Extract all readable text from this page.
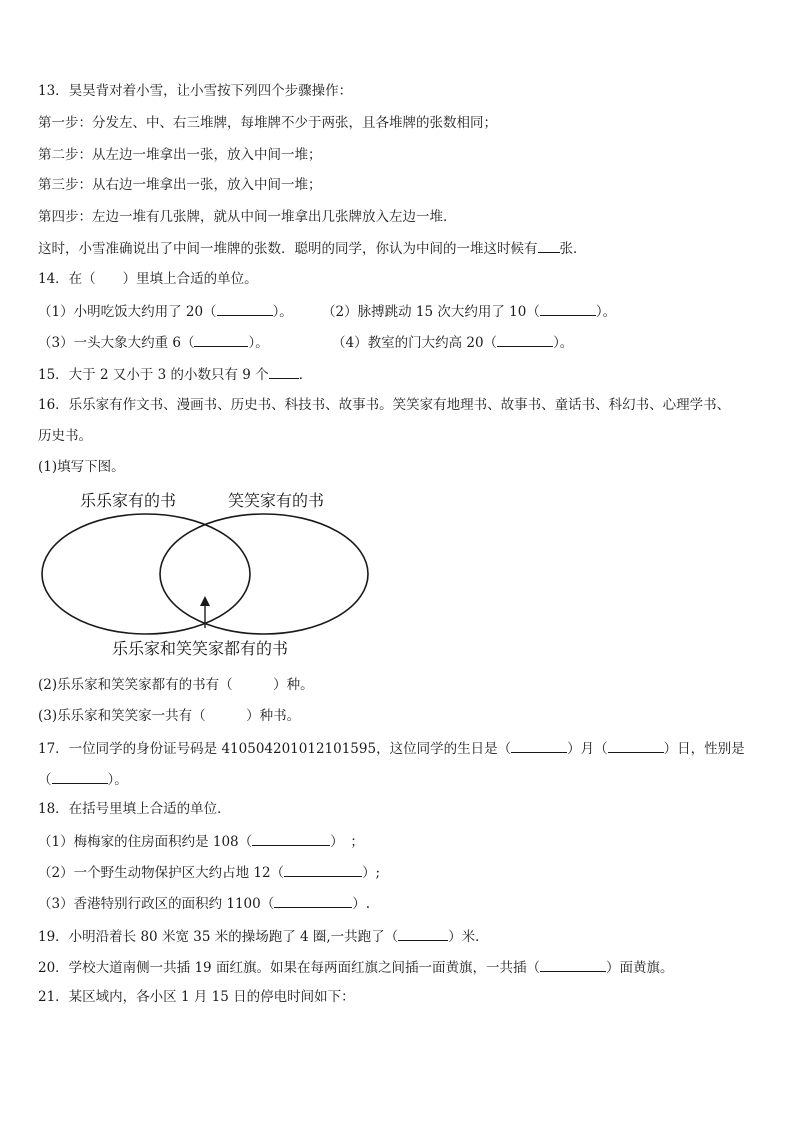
13．昊昊背对着小雪，让小雪按下列四个步骤操作：
第一步：分发左、中、右三堆牌，每堆牌不少于两张，且各堆牌的张数相同；
第二步：从左边一堆拿出一张，放入中间一堆；
第三步：从右边一堆拿出一张，放入中间一堆；
第四步：左边一堆有几张牌，就从中间一堆拿出几张牌放入左边一堆．
这时，小雪准确说出了中间一堆牌的张数．聪明的同学，你认为中间的一堆这时候有 张．
14．在（　　）里填上合适的单位。
（1）小明吃饭大约用了 20（	）。 （2）脉搏跳动 15 次大约用了 10（	）。
（3）一头大象大约重 6（	）。	（4）教室的门大约高 20（	）。
15．大于 2 又小于 3 的小数只有 9 个 ．
16．乐乐家有作文书、漫画书、历史书、科技书、故事书。笑笑家有地理书、故事书、童话书、科幻书、心理学书、
历史书。
(1)填写下图。
乐乐家有的书	笑笑家有的书
乐乐家和笑笑家都有的书
(2)乐乐家和笑笑家都有的书有（　　　）种。
(3)乐乐家和笑笑家一共有（　　　）种书。
17．一位同学的身份证号码是 410504201012101595，这位同学的生日是（	）月（	）日，性别是
（	）。
18．在括号里填上合适的单位．
（1）梅梅家的住房面积约是 108（	）　；
（2）一个野生动物保护区大约占地 12（	）;
（3）香港特别行政区的面积约 1100（	）.
19．小明沿着长 80 米宽 35 米的操场跑了 4 圈,一共跑了（	）米．
20．学校大道南侧一共插 19 面红旗。如果在每两面红旗之间插一面黄旗，一共插（	）面黄旗。
21．某区域内，各小区 1 月 15 日的停电时间如下：
